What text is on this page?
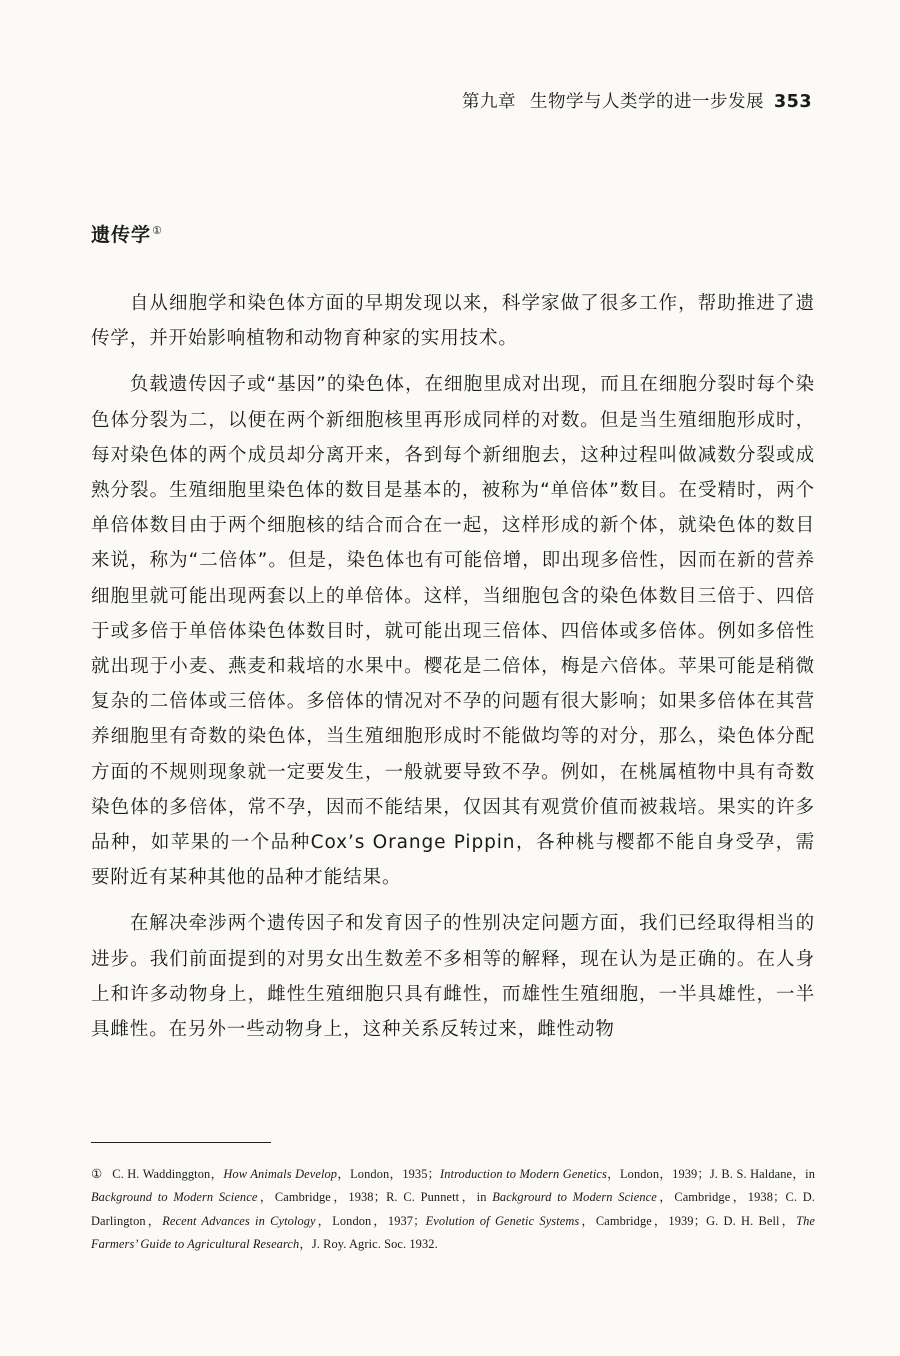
第九章 生物学与人类学的进一步发展 353
遗传学①

自从细胞学和染色体方面的早期发现以来，科学家做了很多工作，帮助推进了遗传学，并开始影响植物和动物育种家的实用技术。

负载遗传因子或“基因”的染色体，在细胞里成对出现，而且在细胞分裂时每个染色体分裂为二，以便在两个新细胞核里再形成同样的对数。但是当生殖细胞形成时，每对染色体的两个成员却分离开来，各到每个新细胞去，这种过程叫做减数分裂或成熟分裂。生殖细胞里染色体的数目是基本的，被称为“单倍体”数目。在受精时，两个单倍体数目由于两个细胞核的结合而合在一起，这样形成的新个体，就染色体的数目来说，称为“二倍体”。但是，染色体也有可能倍增，即出现多倍性，因而在新的营养细胞里就可能出现两套以上的单倍体。这样，当细胞包含的染色体数目三倍于、四倍于或多倍于单倍体染色体数目时，就可能出现三倍体、四倍体或多倍体。例如多倍性就出现于小麦、燕麦和栽培的水果中。樱花是二倍体，梅是六倍体。苹果可能是稍微复杂的二倍体或三倍体。多倍体的情况对不孕的问题有很大影响；如果多倍体在其营养细胞里有奇数的染色体，当生殖细胞形成时不能做均等的对分，那么，染色体分配方面的不规则现象就一定要发生，一般就要导致不孕。例如，在桃属植物中具有奇数染色体的多倍体，常不孕，因而不能结果，仅因其有观赏价值而被栽培。果实的许多品种，如苹果的一个品种Cox’s Orange Pippin，各种桃与樱都不能自身受孕，需要附近有某种其他的品种才能结果。

在解决牵涉两个遗传因子和发育因子的性别决定问题方面，我们已经取得相当的进步。我们前面提到的对男女出生数差不多相等的解释，现在认为是正确的。在人身上和许多动物身上，雌性生殖细胞只具有雌性，而雄性生殖细胞，一半具雄性，一半具雌性。在另外一些动物身上，这种关系反转过来，雌性动物

① C. H. Waddinggton，How Animals Develop，London，1935；Introduction to Modern Genetics，London，1939；J. B. S. Haldane，in Background to Modern Science，Cambridge，1938；R. C. Punnett，in Backgrourd to Modern Science，Cambridge，1938；C. D. Darlington，Recent Advances in Cytology，London，1937；Evolution of Genetic Systems，Cambridge，1939；G. D. H. Bell，The Farmers’ Guide to Agricultural Research，J. Roy. Agric. Soc. 1932.
